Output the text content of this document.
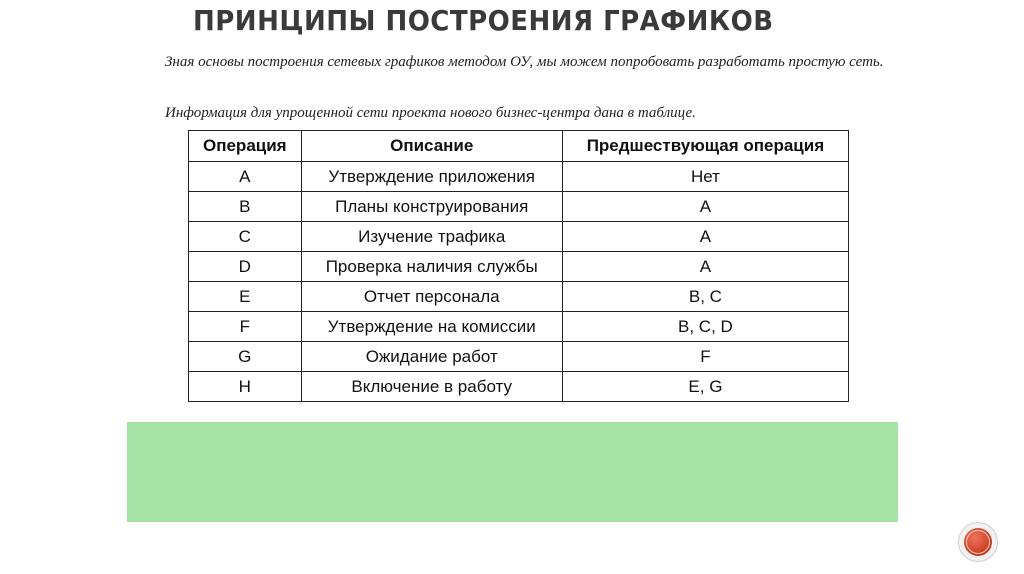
ПРИНЦИПЫ ПОСТРОЕНИЯ ГРАФИКОВ
Зная основы построения сетевых графиков методом ОУ, мы можем попробовать разработать простую сеть.
Информация для упрощенной сети проекта нового бизнес-центра дана в таблице.
Операция	Описание	Предшествующая операция
A	Утверждение приложения	Нет
B	Планы конструирования	A
C	Изучение трафика	A
D	Проверка наличия службы	A
E	Отчет персонала	B, C
F	Утверждение на комиссии	B, C, D
G	Ожидание работ	F
H	Включение в работу	E, G
